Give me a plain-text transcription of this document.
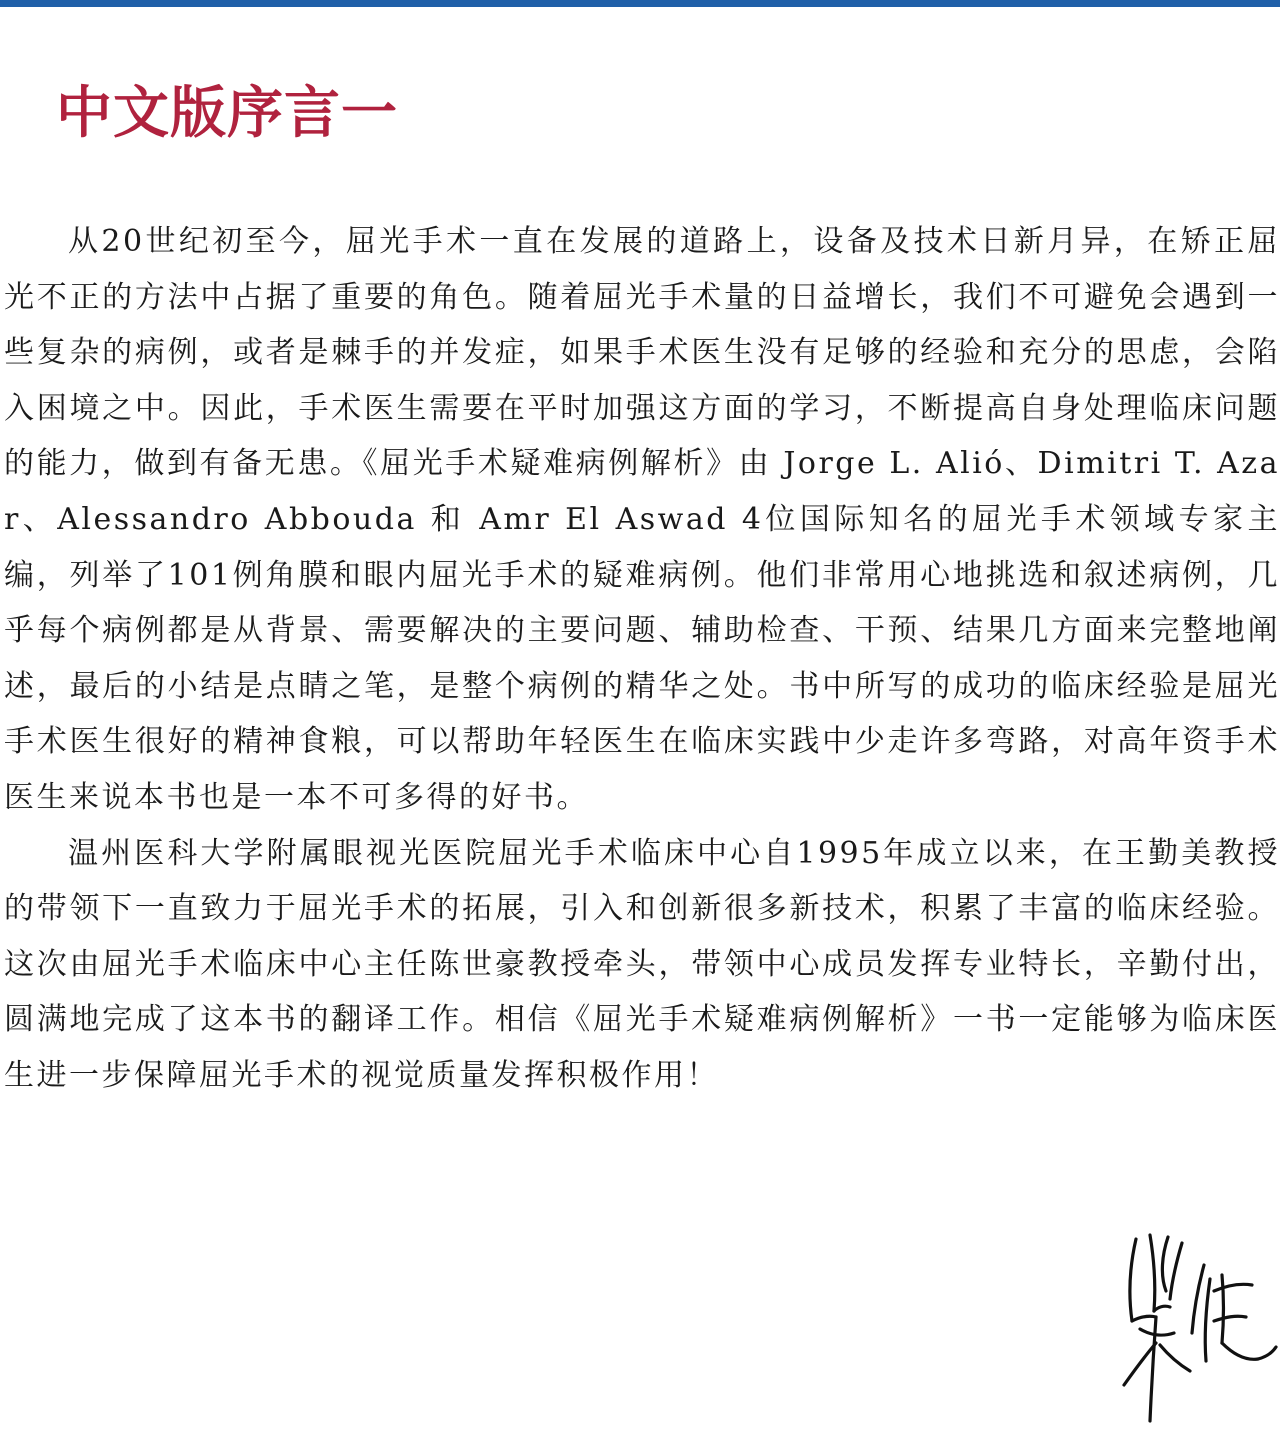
中文版序言一

从20世纪初至今，屈光手术一直在发展的道路上，设备及技术日新月异，在矫正屈光不正的方法中占据了重要的角色。随着屈光手术量的日益增长，我们不可避免会遇到一些复杂的病例，或者是棘手的并发症，如果手术医生没有足够的经验和充分的思虑，会陷入困境之中。因此，手术医生需要在平时加强这方面的学习，不断提高自身处理临床问题的能力，做到有备无患。《屈光手术疑难病例解析》由 Jorge L. Alió、Dimitri T. Azar、Alessandro Abbouda 和 Amr El Aswad 4位国际知名的屈光手术领域专家主编，列举了101例角膜和眼内屈光手术的疑难病例。他们非常用心地挑选和叙述病例，几乎每个病例都是从背景、需要解决的主要问题、辅助检查、干预、结果几方面来完整地阐述，最后的小结是点睛之笔，是整个病例的精华之处。书中所写的成功的临床经验是屈光手术医生很好的精神食粮，可以帮助年轻医生在临床实践中少走许多弯路，对高年资手术医生来说本书也是一本不可多得的好书。

温州医科大学附属眼视光医院屈光手术临床中心自1995年成立以来，在王勤美教授的带领下一直致力于屈光手术的拓展，引入和创新很多新技术，积累了丰富的临床经验。这次由屈光手术临床中心主任陈世豪教授牵头，带领中心成员发挥专业特长，辛勤付出，圆满地完成了这本书的翻译工作。相信《屈光手术疑难病例解析》一书一定能够为临床医生进一步保障屈光手术的视觉质量发挥积极作用！
